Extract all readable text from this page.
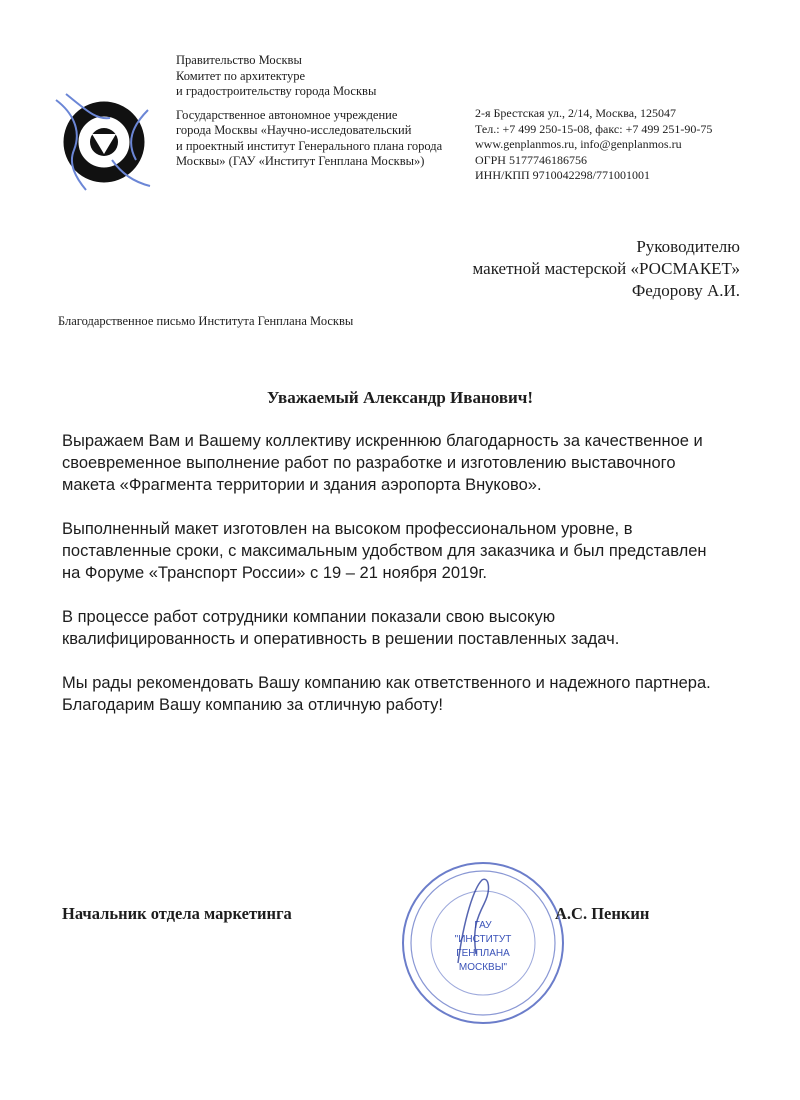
Правительство Москвы
Комитет по архитектуре
и градостроительству города Москвы
Государственное автономное учреждение
города Москвы «Научно-исследовательский
и проектный институт Генерального плана города
Москвы» (ГАУ «Институт Генплана Москвы»)
2-я Брестская ул., 2/14, Москва, 125047
Тел.: +7 499 250-15-08, факс: +7 499 251-90-75
www.genplanmos.ru, info@genplanmos.ru
ОГРН 5177746186756
ИНН/КПП 9710042298/771001001
Руководителю
макетной мастерской «РОСМАКЕТ»
Федорову А.И.
Благодарственное письмо Института Генплана Москвы
Уважаемый Александр Иванович!

Выражаем Вам и Вашему коллективу искреннюю благодарность за качественное и
своевременное выполнение работ по разработке и изготовлению выставочного
макета «Фрагмента территории и здания аэропорта Внуково».

Выполненный макет изготовлен на высоком профессиональном уровне, в
поставленные сроки, с максимальным удобством для заказчика и был представлен
на Форуме «Транспорт России» с 19 – 21 ноября 2019г.

В процессе работ сотрудники компании показали свою высокую
квалифицированность и оперативность в решении поставленных задач.

Мы рады рекомендовать Вашу компанию как ответственного и надежного партнера.
Благодарим Вашу компанию за отличную работу!

ГАУ
"ИНСТИТУТ
ГЕНПЛАНА
МОСКВЫ"
Начальник отдела маркетинга	А.С. Пенкин
